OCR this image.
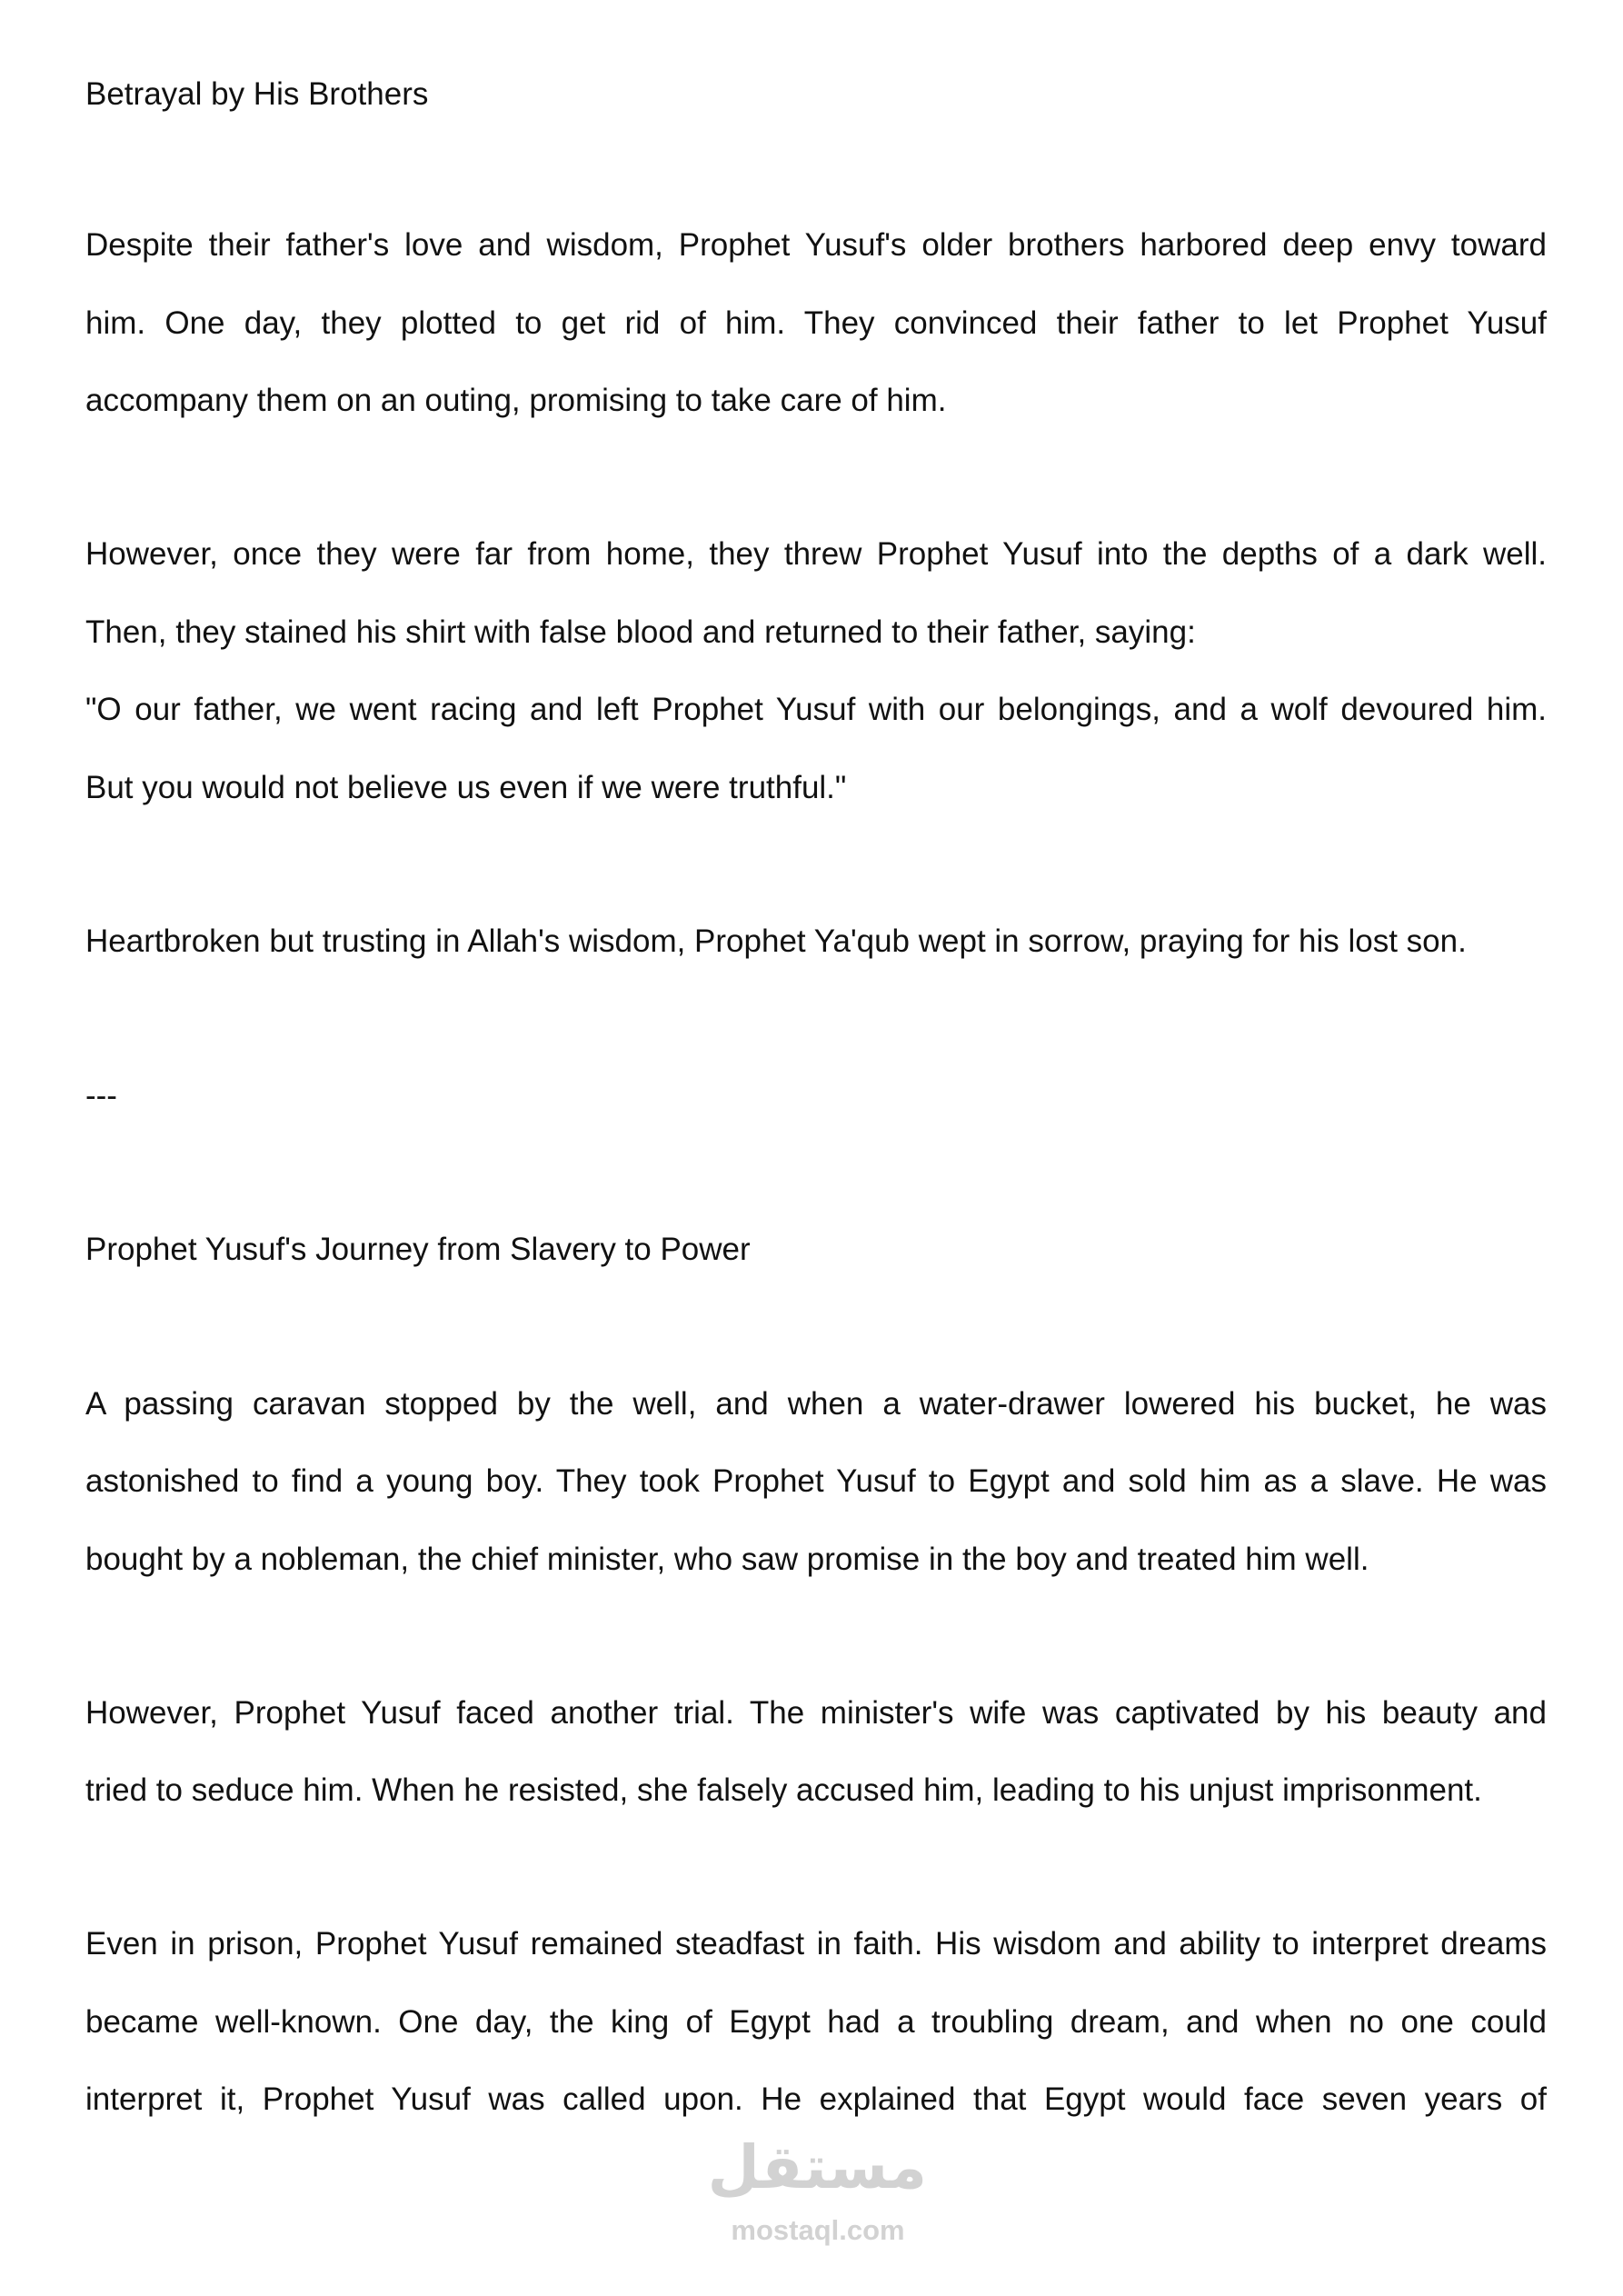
Betrayal by His Brothers
Despite their father's love and wisdom, Prophet Yusuf's older brothers harbored deep envy toward
him. One day, they plotted to get rid of him. They convinced their father to let Prophet Yusuf
accompany them on an outing, promising to take care of him.
However, once they were far from home, they threw Prophet Yusuf into the depths of a dark well.
Then, they stained his shirt with false blood and returned to their father, saying:
"O our father, we went racing and left Prophet Yusuf with our belongings, and a wolf devoured him.
But you would not believe us even if we were truthful."
Heartbroken but trusting in Allah's wisdom, Prophet Ya'qub wept in sorrow, praying for his lost son.
---
Prophet Yusuf's Journey from Slavery to Power
A passing caravan stopped by the well, and when a water-drawer lowered his bucket, he was
astonished to find a young boy. They took Prophet Yusuf to Egypt and sold him as a slave. He was
bought by a nobleman, the chief minister, who saw promise in the boy and treated him well.
However, Prophet Yusuf faced another trial. The minister's wife was captivated by his beauty and
tried to seduce him. When he resisted, she falsely accused him, leading to his unjust imprisonment.
Even in prison, Prophet Yusuf remained steadfast in faith. His wisdom and ability to interpret dreams
became well-known. One day, the king of Egypt had a troubling dream, and when no one could
interpret it, Prophet Yusuf was called upon. He explained that Egypt would face seven years of
مستقل
mostaql.com
